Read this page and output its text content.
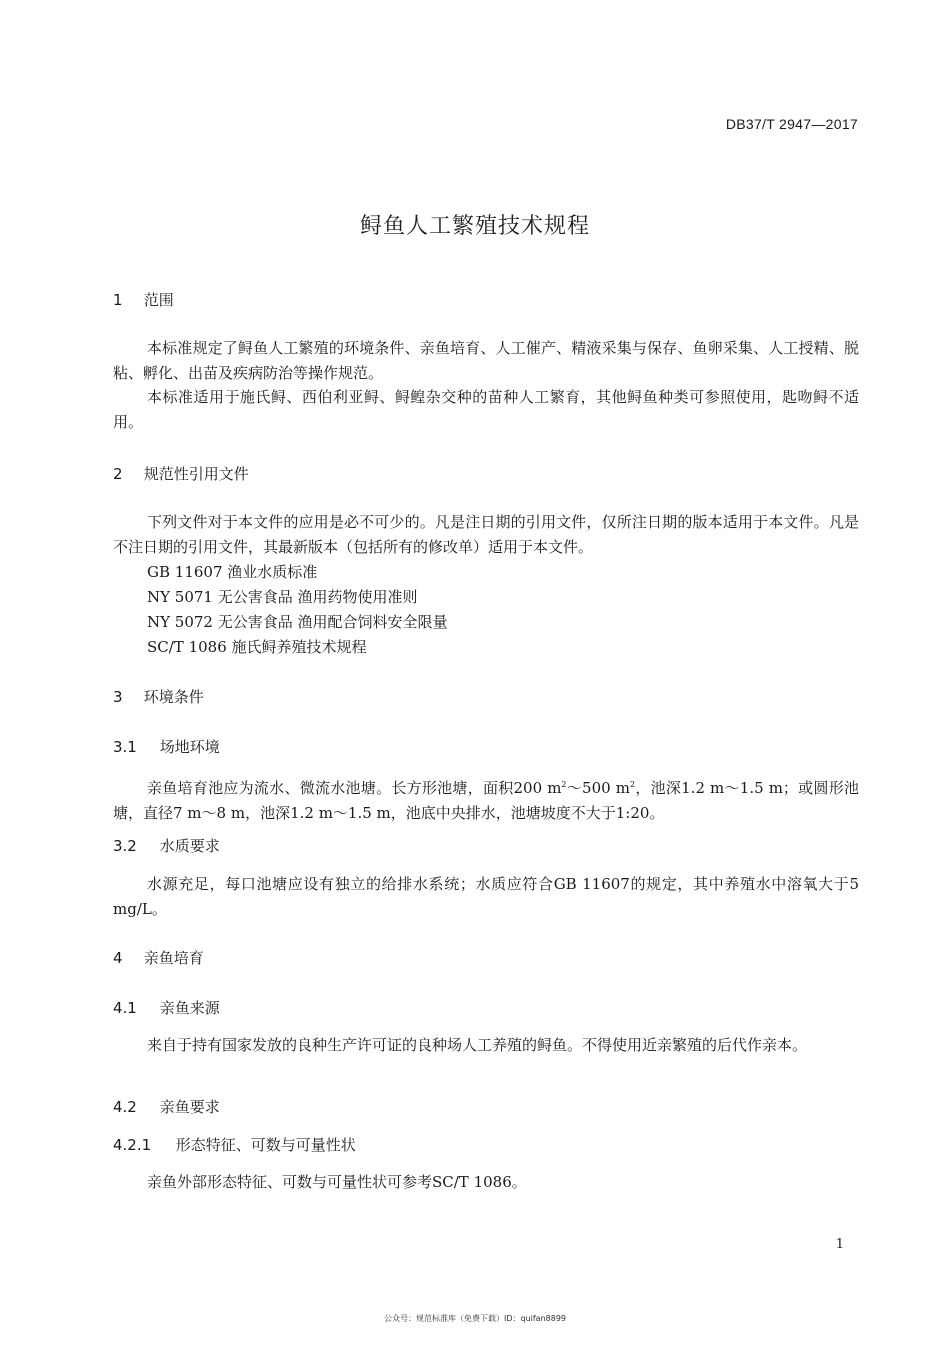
DB37/T 2947—2017
鲟鱼人工繁殖技术规程
1 范围
本标准规定了鲟鱼人工繁殖的环境条件、亲鱼培育、人工催产、精液采集与保存、鱼卵采集、人工授精、脱粘、孵化、出苗及疾病防治等操作规范。
本标准适用于施氏鲟、西伯利亚鲟、鲟鳇杂交种的苗种人工繁育，其他鲟鱼种类可参照使用，匙吻鲟不适用。
2 规范性引用文件
下列文件对于本文件的应用是必不可少的。凡是注日期的引用文件，仅所注日期的版本适用于本文件。凡是不注日期的引用文件，其最新版本（包括所有的修改单）适用于本文件。
GB 11607 渔业水质标准
NY 5071 无公害食品 渔用药物使用准则
NY 5072 无公害食品 渔用配合饲料安全限量
SC/T 1086 施氏鲟养殖技术规程
3 环境条件
3.1 场地环境
亲鱼培育池应为流水、微流水池塘。长方形池塘，面积200 $m^2\sim 500$ $m^2$，池深1.2 m～1.5 m；或圆形池塘，直径7 m～8 m，池深1.2 m～1.5 m，池底中央排水，池塘坡度不大于1:20。
3.2 水质要求
水源充足，每口池塘应设有独立的给排水系统；水质应符合GB 11607的规定，其中养殖水中溶氧大于5 mg/L。
4 亲鱼培育
4.1 亲鱼来源
来自于持有国家发放的良种生产许可证的良种场人工养殖的鲟鱼。不得使用近亲繁殖的后代作亲本。
4.2 亲鱼要求
4.2.1 形态特征、可数与可量性状
亲鱼外部形态特征、可数与可量性状可参考SC/T 1086。
1
公众号：规范标准库（免费下载）ID：quifan8899
